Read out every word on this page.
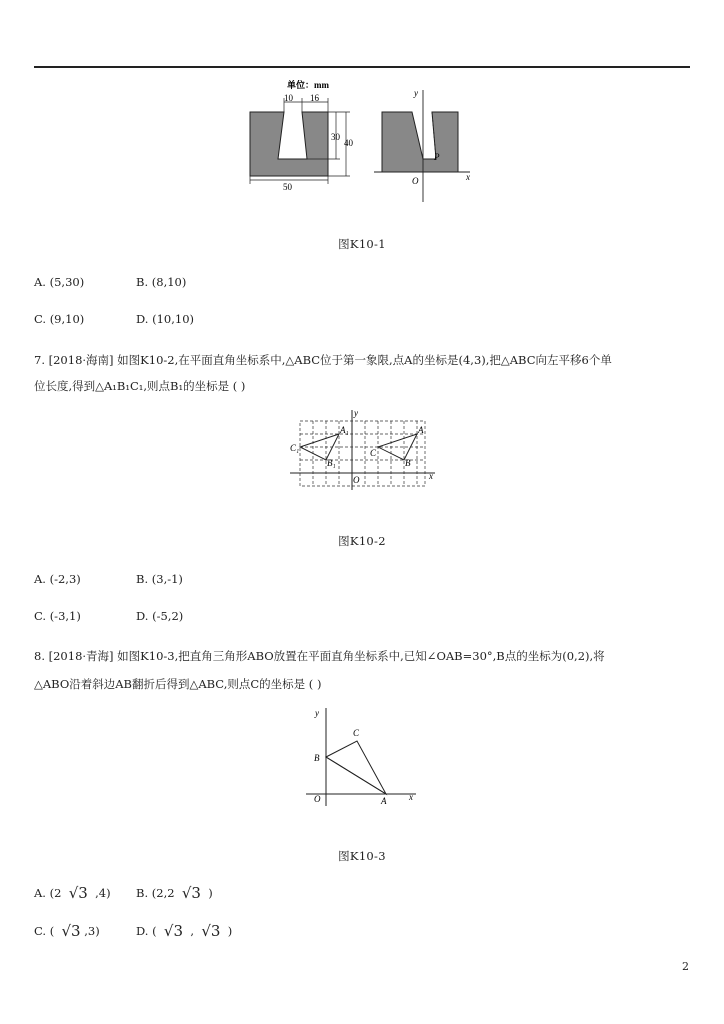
单位：mm
10 16
30
40
50
y
x
O
P
图K10-1
A. (5,30)	B. (8,10)
C. (9,10)	D. (10,10)
7. [2018·海南] 如图K10-2,在平面直角坐标系中,△ABC位于第一象限,点A的坐标是(4,3),把△ABC向左平移6个单
位长度,得到△A₁B₁C₁,则点B₁的坐标是 ( )
y
x
O
A₁
B₁
C₁
A
B
C
图K10-2
A. (-2,3)	B. (3,-1)
C. (-3,1)	D. (-5,2)
8. [2018·青海] 如图K10-3,把直角三角形ABO放置在平面直角坐标系中,已知∠OAB=30°,B点的坐标为(0,2),将
△ABO沿着斜边AB翻折后得到△ABC,则点C的坐标是 ( )
y
x
O	A
B
C
图K10-3
A. (2 √3 ,4) B. (2,2 √3 )
C. ( √3 ,3)	D. ( √3 , √3 )
2
